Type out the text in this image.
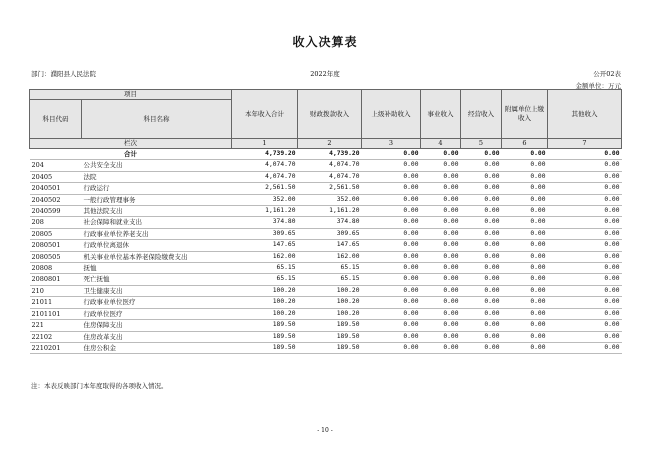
收入决算表
部门：濮阳县人民法院	2022年度	公开02表
金额单位：万元
项目		本年收入合计	财政拨款收入	上级补助收入	事业收入	经营收入	附属单位上缴收入	其他收入
科目代码	科目名称							
栏次		1	2	3	4	5	6	7
合计		4,739.20	4,739.20	0.00	0.00	0.00	0.00	0.00
204	公共安全支出	4,074.70	4,074.70	0.00	0.00	0.00	0.00	0.00
20405	法院	4,074.70	4,074.70	0.00	0.00	0.00	0.00	0.00
2040501	行政运行	2,561.50	2,561.50	0.00	0.00	0.00	0.00	0.00
2040502	一般行政管理事务	352.00	352.00	0.00	0.00	0.00	0.00	0.00
2040599	其他法院支出	1,161.20	1,161.20	0.00	0.00	0.00	0.00	0.00
208	社会保障和就业支出	374.80	374.80	0.00	0.00	0.00	0.00	0.00
20805	行政事业单位养老支出	309.65	309.65	0.00	0.00	0.00	0.00	0.00
2080501	行政单位离退休	147.65	147.65	0.00	0.00	0.00	0.00	0.00
2080505	机关事业单位基本养老保险缴费支出	162.00	162.00	0.00	0.00	0.00	0.00	0.00
20808	抚恤	65.15	65.15	0.00	0.00	0.00	0.00	0.00
2080801	死亡抚恤	65.15	65.15	0.00	0.00	0.00	0.00	0.00
210	卫生健康支出	100.20	100.20	0.00	0.00	0.00	0.00	0.00
21011	行政事业单位医疗	100.20	100.20	0.00	0.00	0.00	0.00	0.00
2101101	行政单位医疗	100.20	100.20	0.00	0.00	0.00	0.00	0.00
221	住房保障支出	189.50	189.50	0.00	0.00	0.00	0.00	0.00
22102	住房改革支出	189.50	189.50	0.00	0.00	0.00	0.00	0.00
2210201	住房公积金	189.50	189.50	0.00	0.00	0.00	0.00	0.00
注：本表反映部门本年度取得的各项收入情况。
- 10 -
